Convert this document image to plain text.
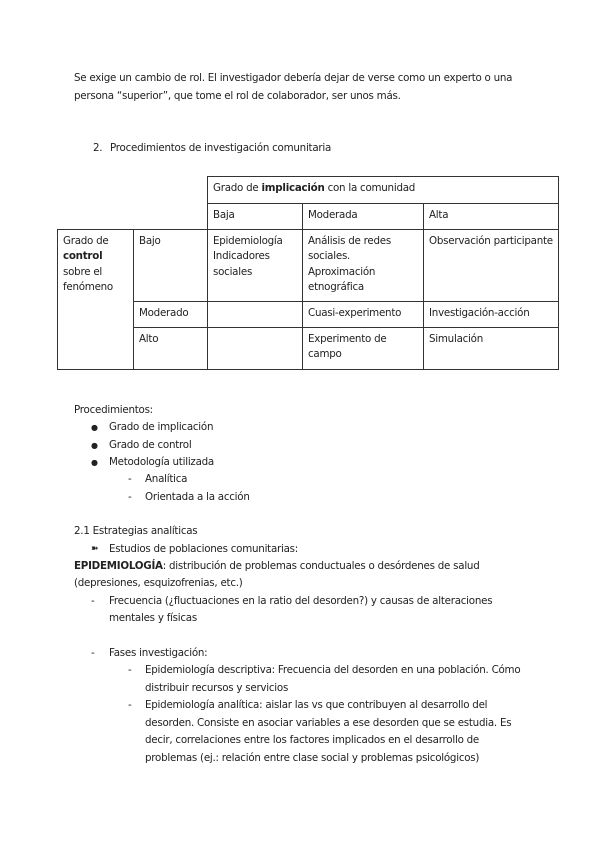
Se exige un cambio de rol. El investigador debería dejar de verse como un experto o una
persona “superior”, que tome el rol de colaborador, ser unos más.
2. Procedimientos de investigación comunitaria
		Grado de implicación con la comunidad		
		Baja	Moderada	Alta
Grado de
control
sobre el fenómeno	Bajo	Epidemiología Indicadores sociales	Análisis de redes sociales. Aproximación etnográfica	Observación participante
	Moderado		Cuasi-experimento	Investigación-acción
	Alto		Experimento de campo	Simulación
Procedimientos:
● Grado de implicación
● Grado de control
● Metodología utilizada
- Analítica
- Orientada a la acción
2.1 Estrategias analíticas
➽ Estudios de poblaciones comunitarias:
EPIDEMIOLOGÍA: distribución de problemas conductuales o desórdenes de salud
(depresiones, esquizofrenias, etc.)
- Frecuencia (¿fluctuaciones en la ratio del desorden?) y causas de alteraciones
mentales y físicas
- Fases investigación:
- Epidemiología descriptiva: Frecuencia del desorden en una población. Cómo
distribuir recursos y servicios
- Epidemiología analítica: aislar las vs que contribuyen al desarrollo del
desorden. Consiste en asociar variables a ese desorden que se estudia. Es
decir, correlaciones entre los factores implicados en el desarrollo de
problemas (ej.: relación entre clase social y problemas psicológicos)
